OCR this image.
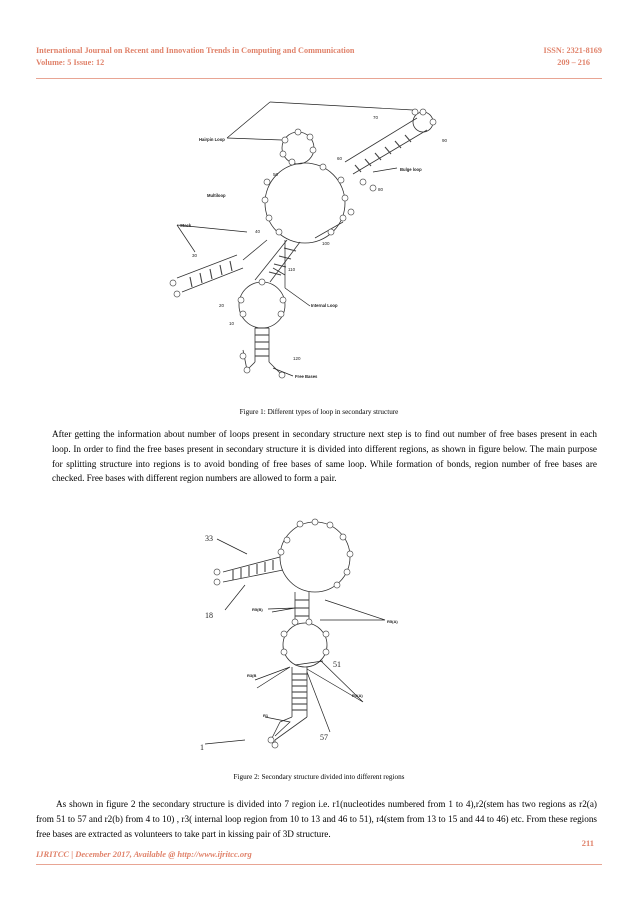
International Journal on Recent and Innovation Trends in Computing and Communication
Volume: 5 Issue: 12
ISSN: 2321-8169
209 – 216
Hairpin Loop
Bulge loop
Multiloop
Stack
Internal Loop
Free Bases
70
80
60
50
90
40
100
30
110
20
10
120
Figure 1: Different types of loop in secondary structure
After getting the information about number of loops present in secondary structure next step is to find out number of free bases present in each loop. In order to find the free bases present in secondary structure it is divided into different regions, as shown in figure below. The main purpose for splitting structure into regions is to avoid bonding of free bases of same loop. While formation of bonds, region number of free bases are checked. Free bases with different region numbers are allowed to form a pair.
33
18
51
57
1
R5(B)
R5(A)
R3(B
R3(A)
R1
Figure 2: Secondary structure divided into different regions
As shown in figure 2 the secondary structure is divided into 7 region i.e. r1(nucleotides numbered from 1 to 4),r2(stem has two regions as r2(a) from 51 to 57 and r2(b) from 4 to 10) , r3( internal loop region from 10 to 13 and 46 to 51), r4(stem from 13 to 15 and 44 to 46) etc. From these regions free bases are extracted as volunteers to take part in kissing pair of 3D structure.
211
IJRITCC | December 2017, Available @ http://www.ijritcc.org
